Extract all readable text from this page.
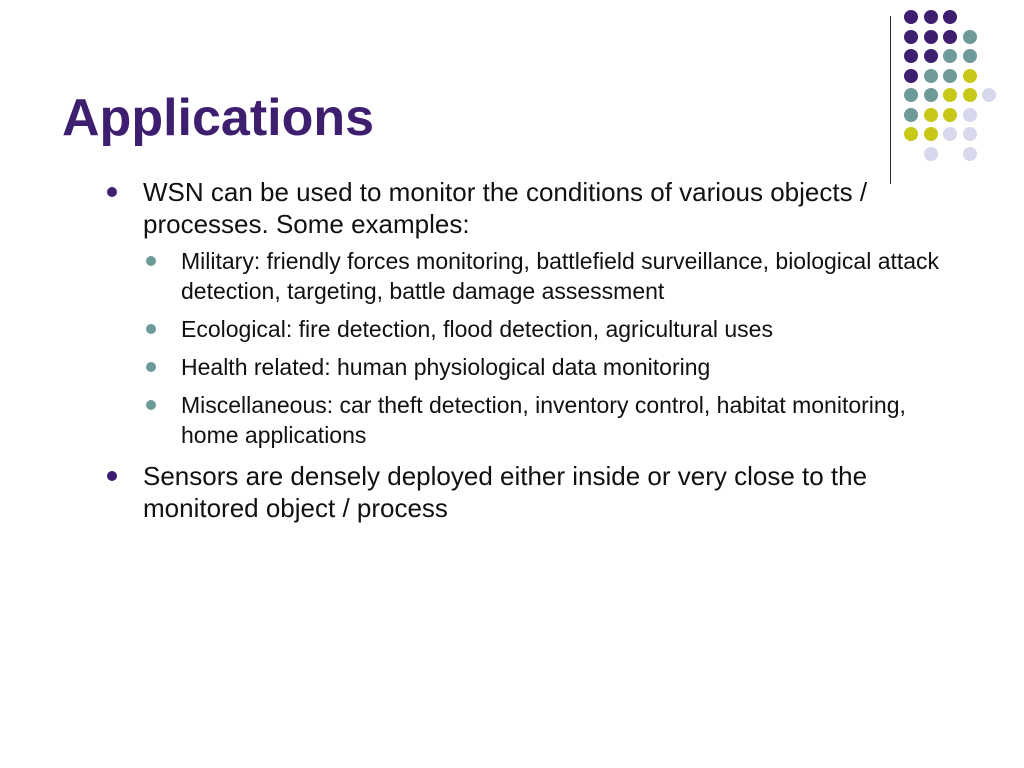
Applications
WSN can be used to monitor the conditions of various objects / processes. Some examples:
Military: friendly forces monitoring, battlefield surveillance, biological attack detection, targeting, battle damage assessment
Ecological: fire detection, flood detection, agricultural uses
Health related: human physiological data monitoring
Miscellaneous: car theft detection, inventory control, habitat monitoring, home applications
Sensors are densely deployed either inside or very close to the monitored object / process
